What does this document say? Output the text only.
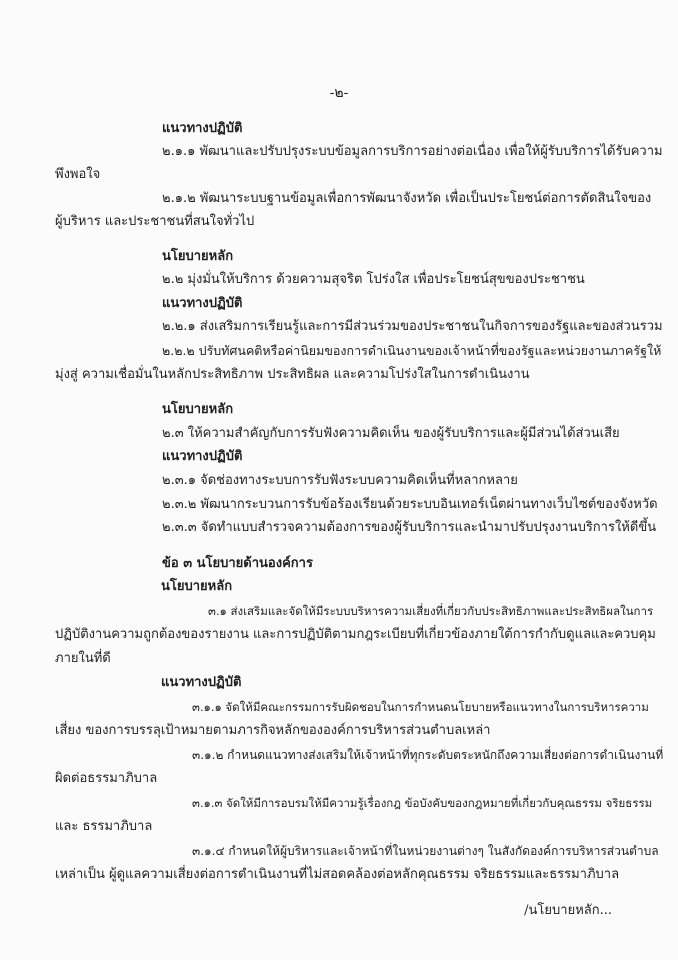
-๒-
แนวทางปฏิบัติ
๒.๑.๑ พัฒนาและปรับปรุงระบบข้อมูลการบริการอย่างต่อเนื่อง เพื่อให้ผู้รับบริการได้รับความ
พึงพอใจ
๒.๑.๒ พัฒนาระบบฐานข้อมูลเพื่อการพัฒนาจังหวัด เพื่อเป็นประโยชน์ต่อการตัดสินใจของ
ผู้บริหาร และประชาชนที่สนใจทั่วไป
นโยบายหลัก
๒.๒ มุ่งมั่นให้บริการ ด้วยความสุจริต โปร่งใส เพื่อประโยชน์สุขของประชาชน
แนวทางปฏิบัติ
๒.๒.๑ ส่งเสริมการเรียนรู้และการมีส่วนร่วมของประชาชนในกิจการของรัฐและของส่วนรวม
๒.๒.๒ ปรับทัศนคติหรือค่านิยมของการดำเนินงานของเจ้าหน้าที่ของรัฐและหน่วยงานภาครัฐให้
มุ่งสู่ ความเชื่อมั่นในหลักประสิทธิภาพ ประสิทธิผล และความโปร่งใสในการดำเนินงาน
นโยบายหลัก
๒.๓ ให้ความสำคัญกับการรับฟังความคิดเห็น ของผู้รับบริการและผู้มีส่วนได้ส่วนเสีย
แนวทางปฏิบัติ
๒.๓.๑ จัดช่องทางระบบการรับฟังระบบความคิดเห็นที่หลากหลาย
๒.๓.๒ พัฒนากระบวนการรับข้อร้องเรียนด้วยระบบอินเทอร์เน็ตผ่านทางเว็บไซต์ของจังหวัด
๒.๓.๓ จัดทำแบบสำรวจความต้องการของผู้รับบริการและนำมาปรับปรุงงานบริการให้ดีขึ้น
ข้อ ๓ นโยบายด้านองค์การ
นโยบายหลัก
๓.๑ ส่งเสริมและจัดให้มีระบบบริหารความเสี่ยงที่เกี่ยวกับประสิทธิภาพและประสิทธิผลในการ
ปฏิบัติงานความถูกต้องของรายงาน และการปฏิบัติตามกฎระเบียบที่เกี่ยวข้องภายใต้การกำกับดูแลและควบคุม
ภายในที่ดี
แนวทางปฏิบัติ
๓.๑.๑ จัดให้มีคณะกรรมการรับผิดชอบในการกำหนดนโยบายหรือแนวทางในการบริหารความ
เสี่ยง ของการบรรลุเป้าหมายตามภารกิจหลักขององค์การบริหารส่วนตำบลเหล่า
๓.๑.๒ กำหนดแนวทางส่งเสริมให้เจ้าหน้าที่ทุกระดับตระหนักถึงความเสี่ยงต่อการดำเนินงานที่
ผิดต่อธรรมาภิบาล
๓.๑.๓ จัดให้มีการอบรมให้มีความรู้เรื่องกฎ ข้อบังคับของกฎหมายที่เกี่ยวกับคุณธรรม จริยธรรม
และ ธรรมาภิบาล
๓.๑.๔ กำหนดให้ผู้บริหารและเจ้าหน้าที่ในหน่วยงานต่างๆ ในสังกัดองค์การบริหารส่วนตำบล
เหล่าเป็น ผู้ดูแลความเสี่ยงต่อการดำเนินงานที่ไม่สอดคล้องต่อหลักคุณธรรม จริยธรรมและธรรมาภิบาล
/นโยบายหลัก...
